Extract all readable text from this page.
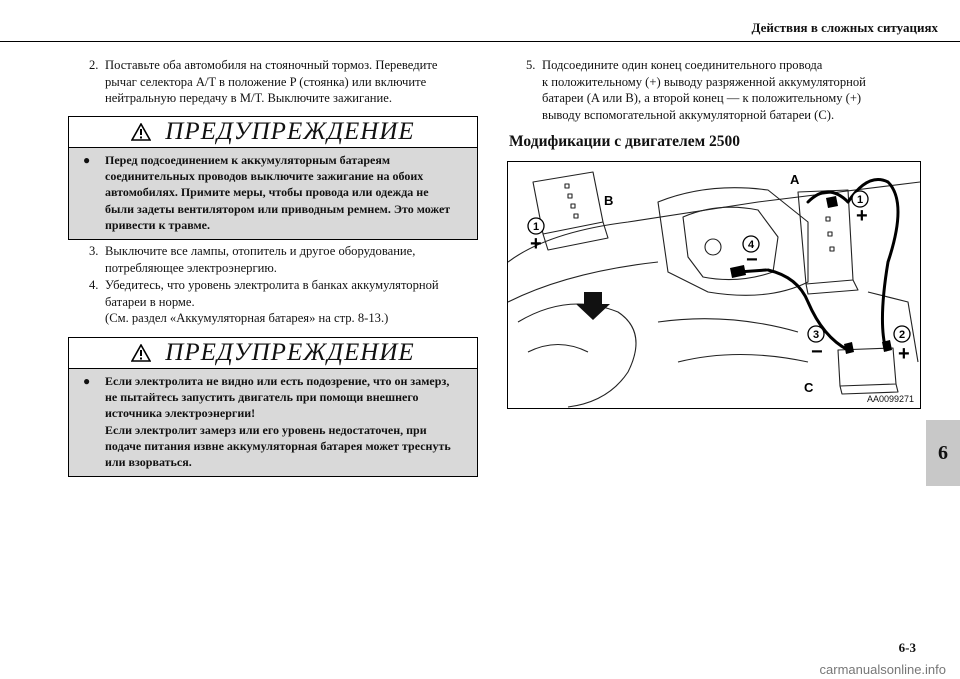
Действия в сложных ситуациях
6
2. Поставьте оба автомобиля на стояночный тормоз. Переведите
рычаг селектора A/T в положение P (стоянка) или включите
нейтральную передачу в M/T. Выключите зажигание.
ПРЕДУПРЕЖДЕНИЕ
● Перед подсоединением к аккумуляторным батареям
соединительных проводов выключите зажигание на обоих
автомобилях. Примите меры, чтобы провода или одежда не
были задеты вентилятором или приводным ремнем. Это может
привести к травме.
3. Выключите все лампы, отопитель и другое оборудование,
потребляющее электроэнергию.
4. Убедитесь, что уровень электролита в банках аккумуляторной
батареи в норме.
(См. раздел «Аккумуляторная батарея» на стр. 8-13.)
ПРЕДУПРЕЖДЕНИЕ
● Если электролита не видно или есть подозрение, что он замерз,
не пытайтесь запустить двигатель при помощи внешнего
источника электроэнергии!
Если электролит замерз или его уровень недостаточен, при
подаче питания извне аккумуляторная батарея может треснуть
или взорваться.
5. Подсоедините один конец соединительного провода
к положительному (+) выводу разряженной аккумуляторной
батареи (A или B), а второй конец — к положительному (+)
выводу вспомогательной аккумуляторной батареи (C).
Модификации с двигателем 2500
1
1
2
3
4
A
B
C
+
+
+
−
−
AA0099271
6-3
carmanualsonline.info
